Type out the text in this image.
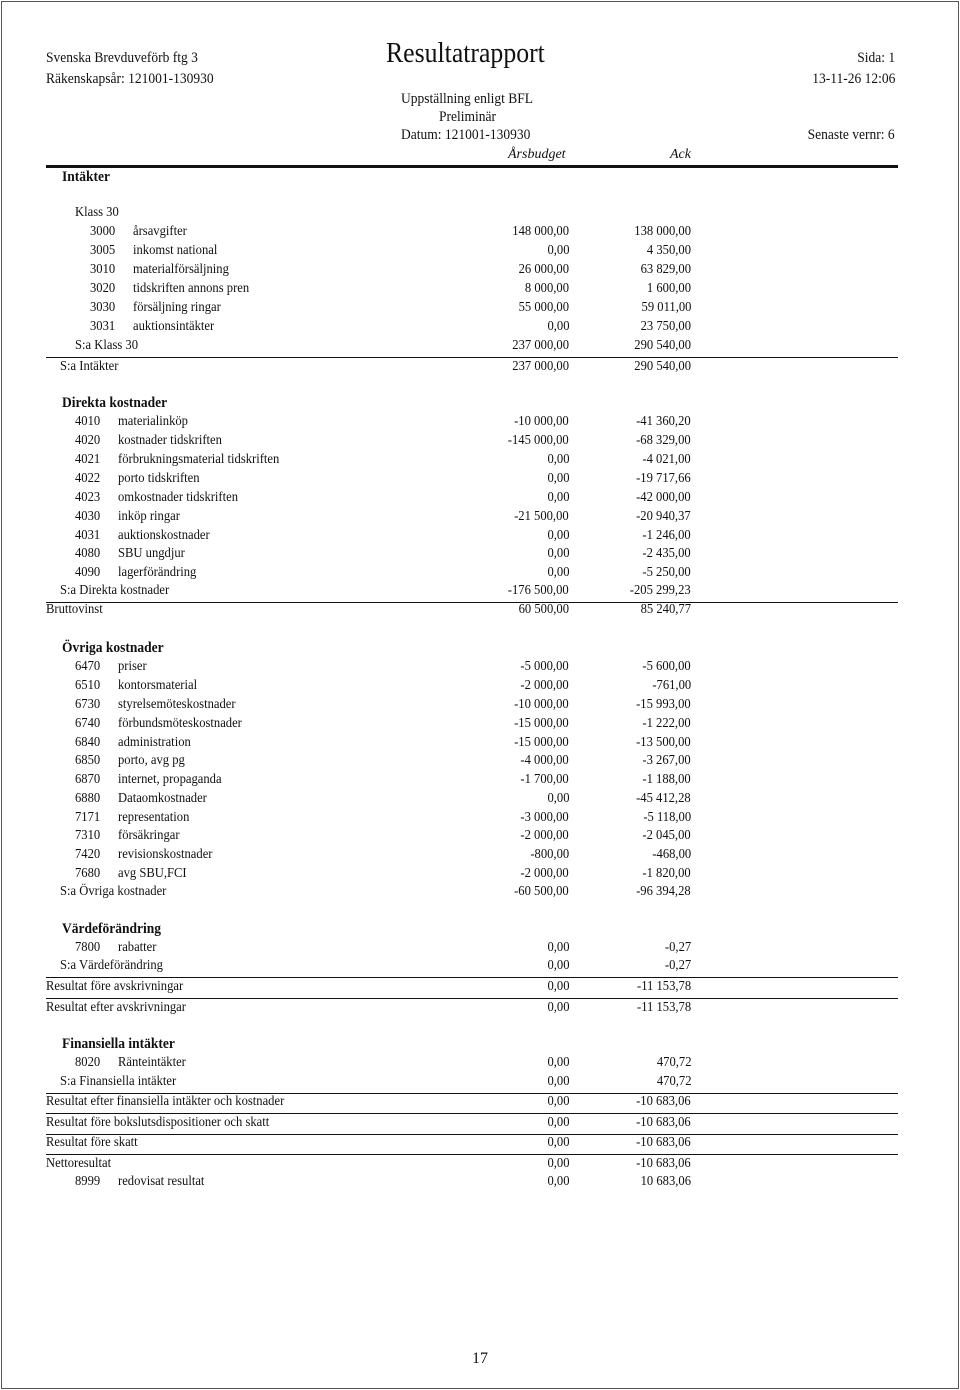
Svenska Brevduveförb ftg 3
Räkenskapsår: 121001-130930
Resultatrapport	Sida: 1
13-11-26 12:06
Uppställning enligt BFL
Preliminär
Datum: 121001-130930	Senaste vernr: 6
Årsbudget	Ack
Intäkter
Klass 30
3000 årsavgifter	148 000,00	138 000,00
3005 inkomst national	0,00	4 350,00
3010 materialförsäljning	26 000,00	63 829,00
3020 tidskriften annons pren	8 000,00	1 600,00
3030 försäljning ringar	55 000,00	59 011,00
3031 auktionsintäkter	0,00	23 750,00
S:a Klass 30	237 000,00	290 540,00
S:a Intäkter	237 000,00	290 540,00
Direkta kostnader
4010 materialinköp	-10 000,00	-41 360,20
4020 kostnader tidskriften	-145 000,00	-68 329,00
4021 förbrukningsmaterial tidskriften	0,00	-4 021,00
4022 porto tidskriften	0,00	-19 717,66
4023 omkostnader tidskriften	0,00	-42 000,00
4030 inköp ringar	-21 500,00	-20 940,37
4031 auktionskostnader	0,00	-1 246,00
4080 SBU ungdjur	0,00	-2 435,00
4090 lagerförändring	0,00	-5 250,00
S:a Direkta kostnader	-176 500,00	-205 299,23
Bruttovinst	60 500,00	85 240,77
Övriga kostnader
6470 priser	-5 000,00	-5 600,00
6510 kontorsmaterial	-2 000,00	-761,00
6730 styrelsemöteskostnader	-10 000,00	-15 993,00
6740 förbundsmöteskostnader	-15 000,00	-1 222,00
6840 administration	-15 000,00	-13 500,00
6850 porto, avg pg	-4 000,00	-3 267,00
6870 internet, propaganda	-1 700,00	-1 188,00
6880 Dataomkostnader	0,00	-45 412,28
7171 representation	-3 000,00	-5 118,00
7310 försäkringar	-2 000,00	-2 045,00
7420 revisionskostnader	-800,00	-468,00
7680 avg SBU,FCI	-2 000,00	-1 820,00
S:a Övriga kostnader	-60 500,00	-96 394,28
Värdeförändring
7800 rabatter	0,00	-0,27
S:a Värdeförändring	0,00	-0,27
Resultat före avskrivningar	0,00	-11 153,78
Resultat efter avskrivningar	0,00	-11 153,78
Finansiella intäkter
8020 Ränteintäkter	0,00	470,72
S:a Finansiella intäkter	0,00	470,72
Resultat efter finansiella intäkter och kostnader	0,00	-10 683,06
Resultat före bokslutsdispositioner och skatt	0,00	-10 683,06
Resultat före skatt	0,00	-10 683,06
Nettoresultat	0,00	-10 683,06
8999 redovisat resultat	0,00	10 683,06
17
